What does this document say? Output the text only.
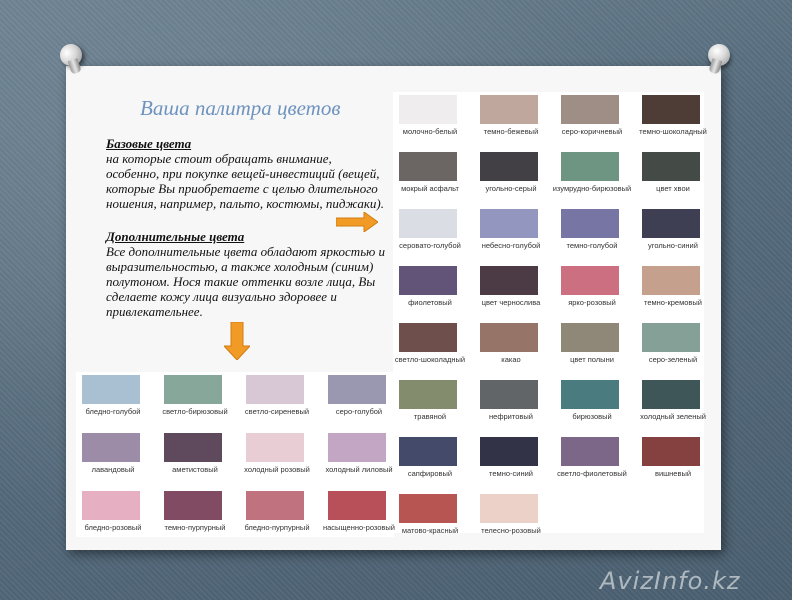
Ваша палитра цветов
Базовые цвета
на которые стоит обращать внимание, особенно, при покупке вещей-инвестиций (вещей, которые Вы приобретаете с целью длительного ношения, например, пальто, костюмы, пиджаки).
Дополнительные цвета
Все дополнительные цвета обладают яркостью и выразительностью, а также холодным (синим) полутоном. Нося такие оттенки возле лица, Вы сделаете кожу лица визуально здоровее и привлекательнее.
молочно-белый	темно-бежевый	серо-коричневый	темно-шоколадный
мокрый асфальт	угольно-серый	изумрудно-бирюзовый	цвет хвои
серовато-голубой	небесно-голубой	темно-голубой	угольно-синий
фиолетовый	цвет чернослива	ярко-розовый	темно-кремовый
светло-шоколадный	какао	цвет полыни	серо-зеленый
травяной	нефритовый	бирюзовый	холодный зеленый
сапфировый	темно-синий	светло-фиолетовый	вишневый
матово-красный	телесно-розовый
бледно-голубой	светло-бирюзовый	светло-сиреневый	серо-голубой
лавандовый	аметистовый	холодный розовый	холодный лиловый
бледно-розовый	темно-пурпурный	бледно-пурпурный	насыщенно-розовый
AvizInfo.kz
